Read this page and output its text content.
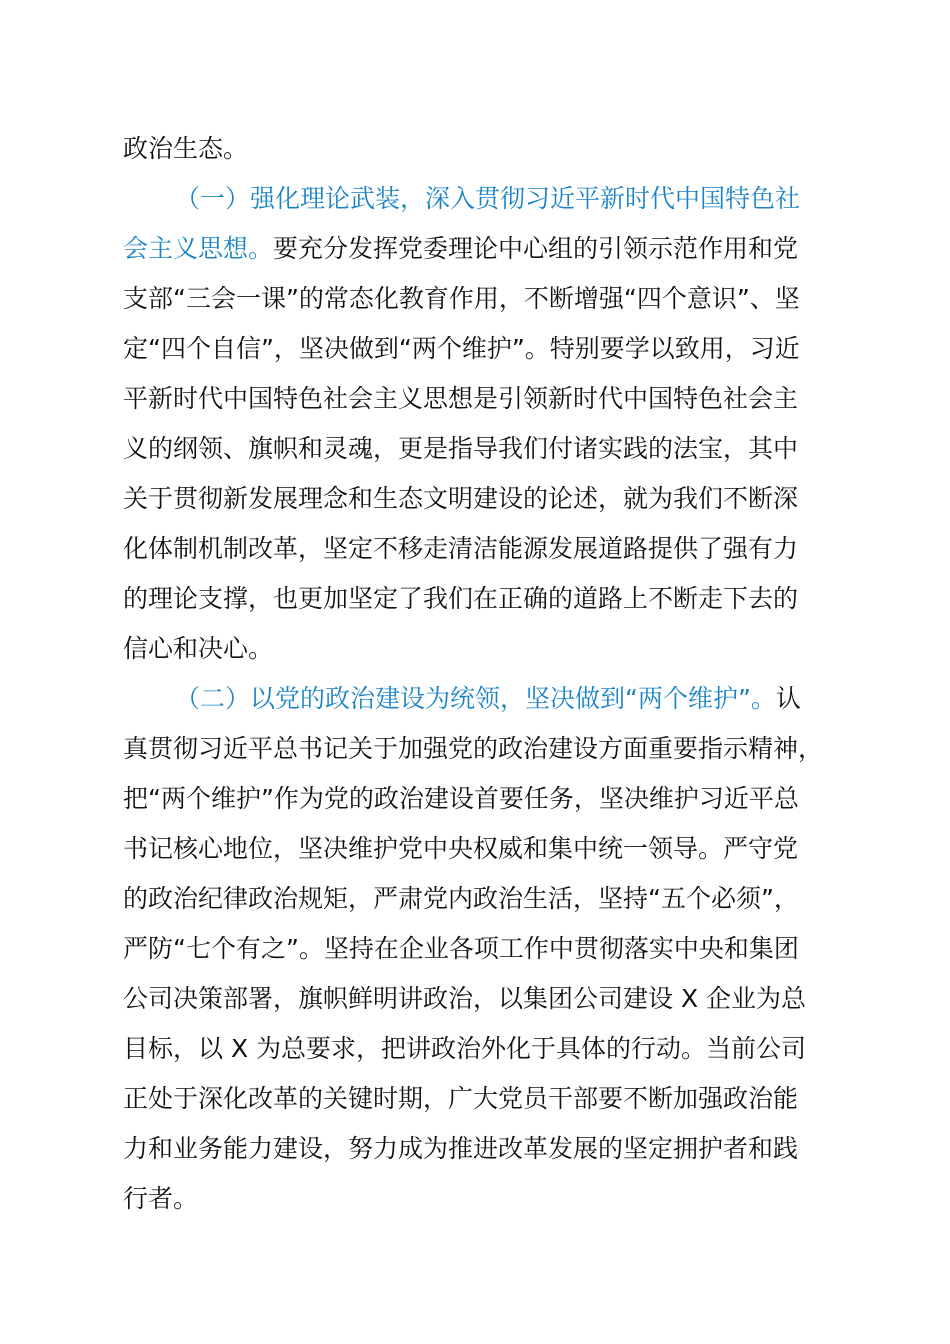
政治生态。
（一）强化理论武装，深入贯彻习近平新时代中国特色社
会主义思想。要充分发挥党委理论中心组的引领示范作用和党
支部“三会一课”的常态化教育作用，不断增强“四个意识”、坚
定“四个自信”，坚决做到“两个维护”。特别要学以致用，习近
平新时代中国特色社会主义思想是引领新时代中国特色社会主
义的纲领、旗帜和灵魂，更是指导我们付诸实践的法宝，其中
关于贯彻新发展理念和生态文明建设的论述，就为我们不断深
化体制机制改革，坚定不移走清洁能源发展道路提供了强有力
的理论支撑，也更加坚定了我们在正确的道路上不断走下去的
信心和决心。
（二）以党的政治建设为统领，坚决做到“两个维护”。认
真贯彻习近平总书记关于加强党的政治建设方面重要指示精神，
把“两个维护”作为党的政治建设首要任务，坚决维护习近平总
书记核心地位，坚决维护党中央权威和集中统一领导。严守党
的政治纪律政治规矩，严肃党内政治生活，坚持“五个必须”，
严防“七个有之”。坚持在企业各项工作中贯彻落实中央和集团
公司决策部署，旗帜鲜明讲政治，以集团公司建设 X 企业为总
目标，以 X 为总要求，把讲政治外化于具体的行动。当前公司
正处于深化改革的关键时期，广大党员干部要不断加强政治能
力和业务能力建设，努力成为推进改革发展的坚定拥护者和践
行者。
